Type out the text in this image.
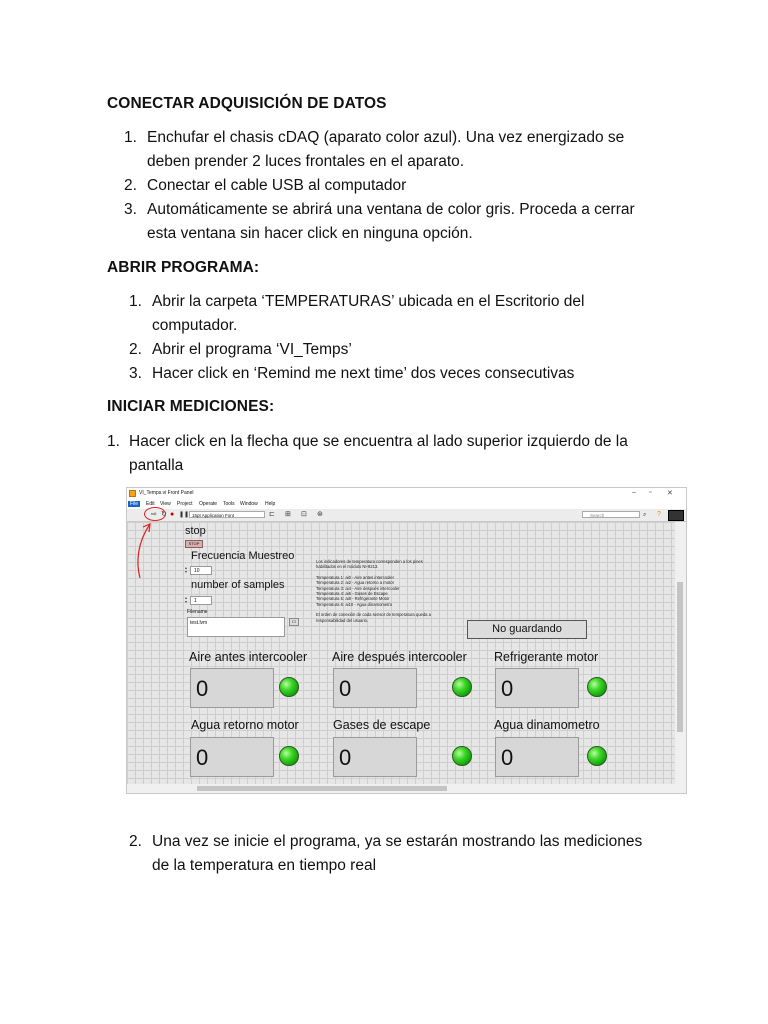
CONECTAR ADQUISICIÓN DE DATOS
1. Enchufar el chasis cDAQ (aparato color azul). Una vez energizado se
deben prender 2 luces frontales en el aparato.
2. Conectar el cable USB al computador
3. Automáticamente se abrirá una ventana de color gris. Proceda a cerrar
esta ventana sin hacer click en ninguna opción.
ABRIR PROGRAMA:
1. Abrir la carpeta ‘TEMPERATURAS’ ubicada en el Escritorio del
computador.
2. Abrir el programa ‘VI_Temps’
3. Hacer click en ‘Remind me next time’ dos veces consecutivas
INICIAR MEDICIONES:
1. Hacer click en la flecha que se encuentra al lado superior izquierdo de la
pantalla
VI_Temps.vi Front Panel	– ▫ ✕
File	Edit	View	Project	Operate	Tools	Window	Help
⇨ ↻ ● ❚❚ 15pt Application Font	⊏ ⊞ ⊡ ⊛	Search	⌕ ?
stop
STOP
Frecuencia Muestreo
▴
▾	10
number of samples
▴
▾	1
Filename
test.lvm	▭
Los indicadores de temperatura corresponden a los pines
habilitados en el módulo NI-9213.
Temperatura 1: ai0 - Aire antes intercooler
Temperatura 2: ai2 - Agua retorno a motor
Temperatura 3: ai4 - Aire después intercooler
Temperatura 4: ai6 - Gases de Escape
Temperatura 5: ai8 - Refrigerante Motor
Temperatura 6: ai10 - Agua dinamometro
El orden de conexión de cada sensor de temperatura queda a
responsabilidad del usuario.
No guardando
Aire antes intercooler
0
Aire después intercooler
0
Refrigerante motor
0
Agua retorno motor
0
Gases de escape
0
Agua dinamometro
0
2. Una vez se inicie el programa, ya se estarán mostrando las mediciones
de la temperatura en tiempo real
